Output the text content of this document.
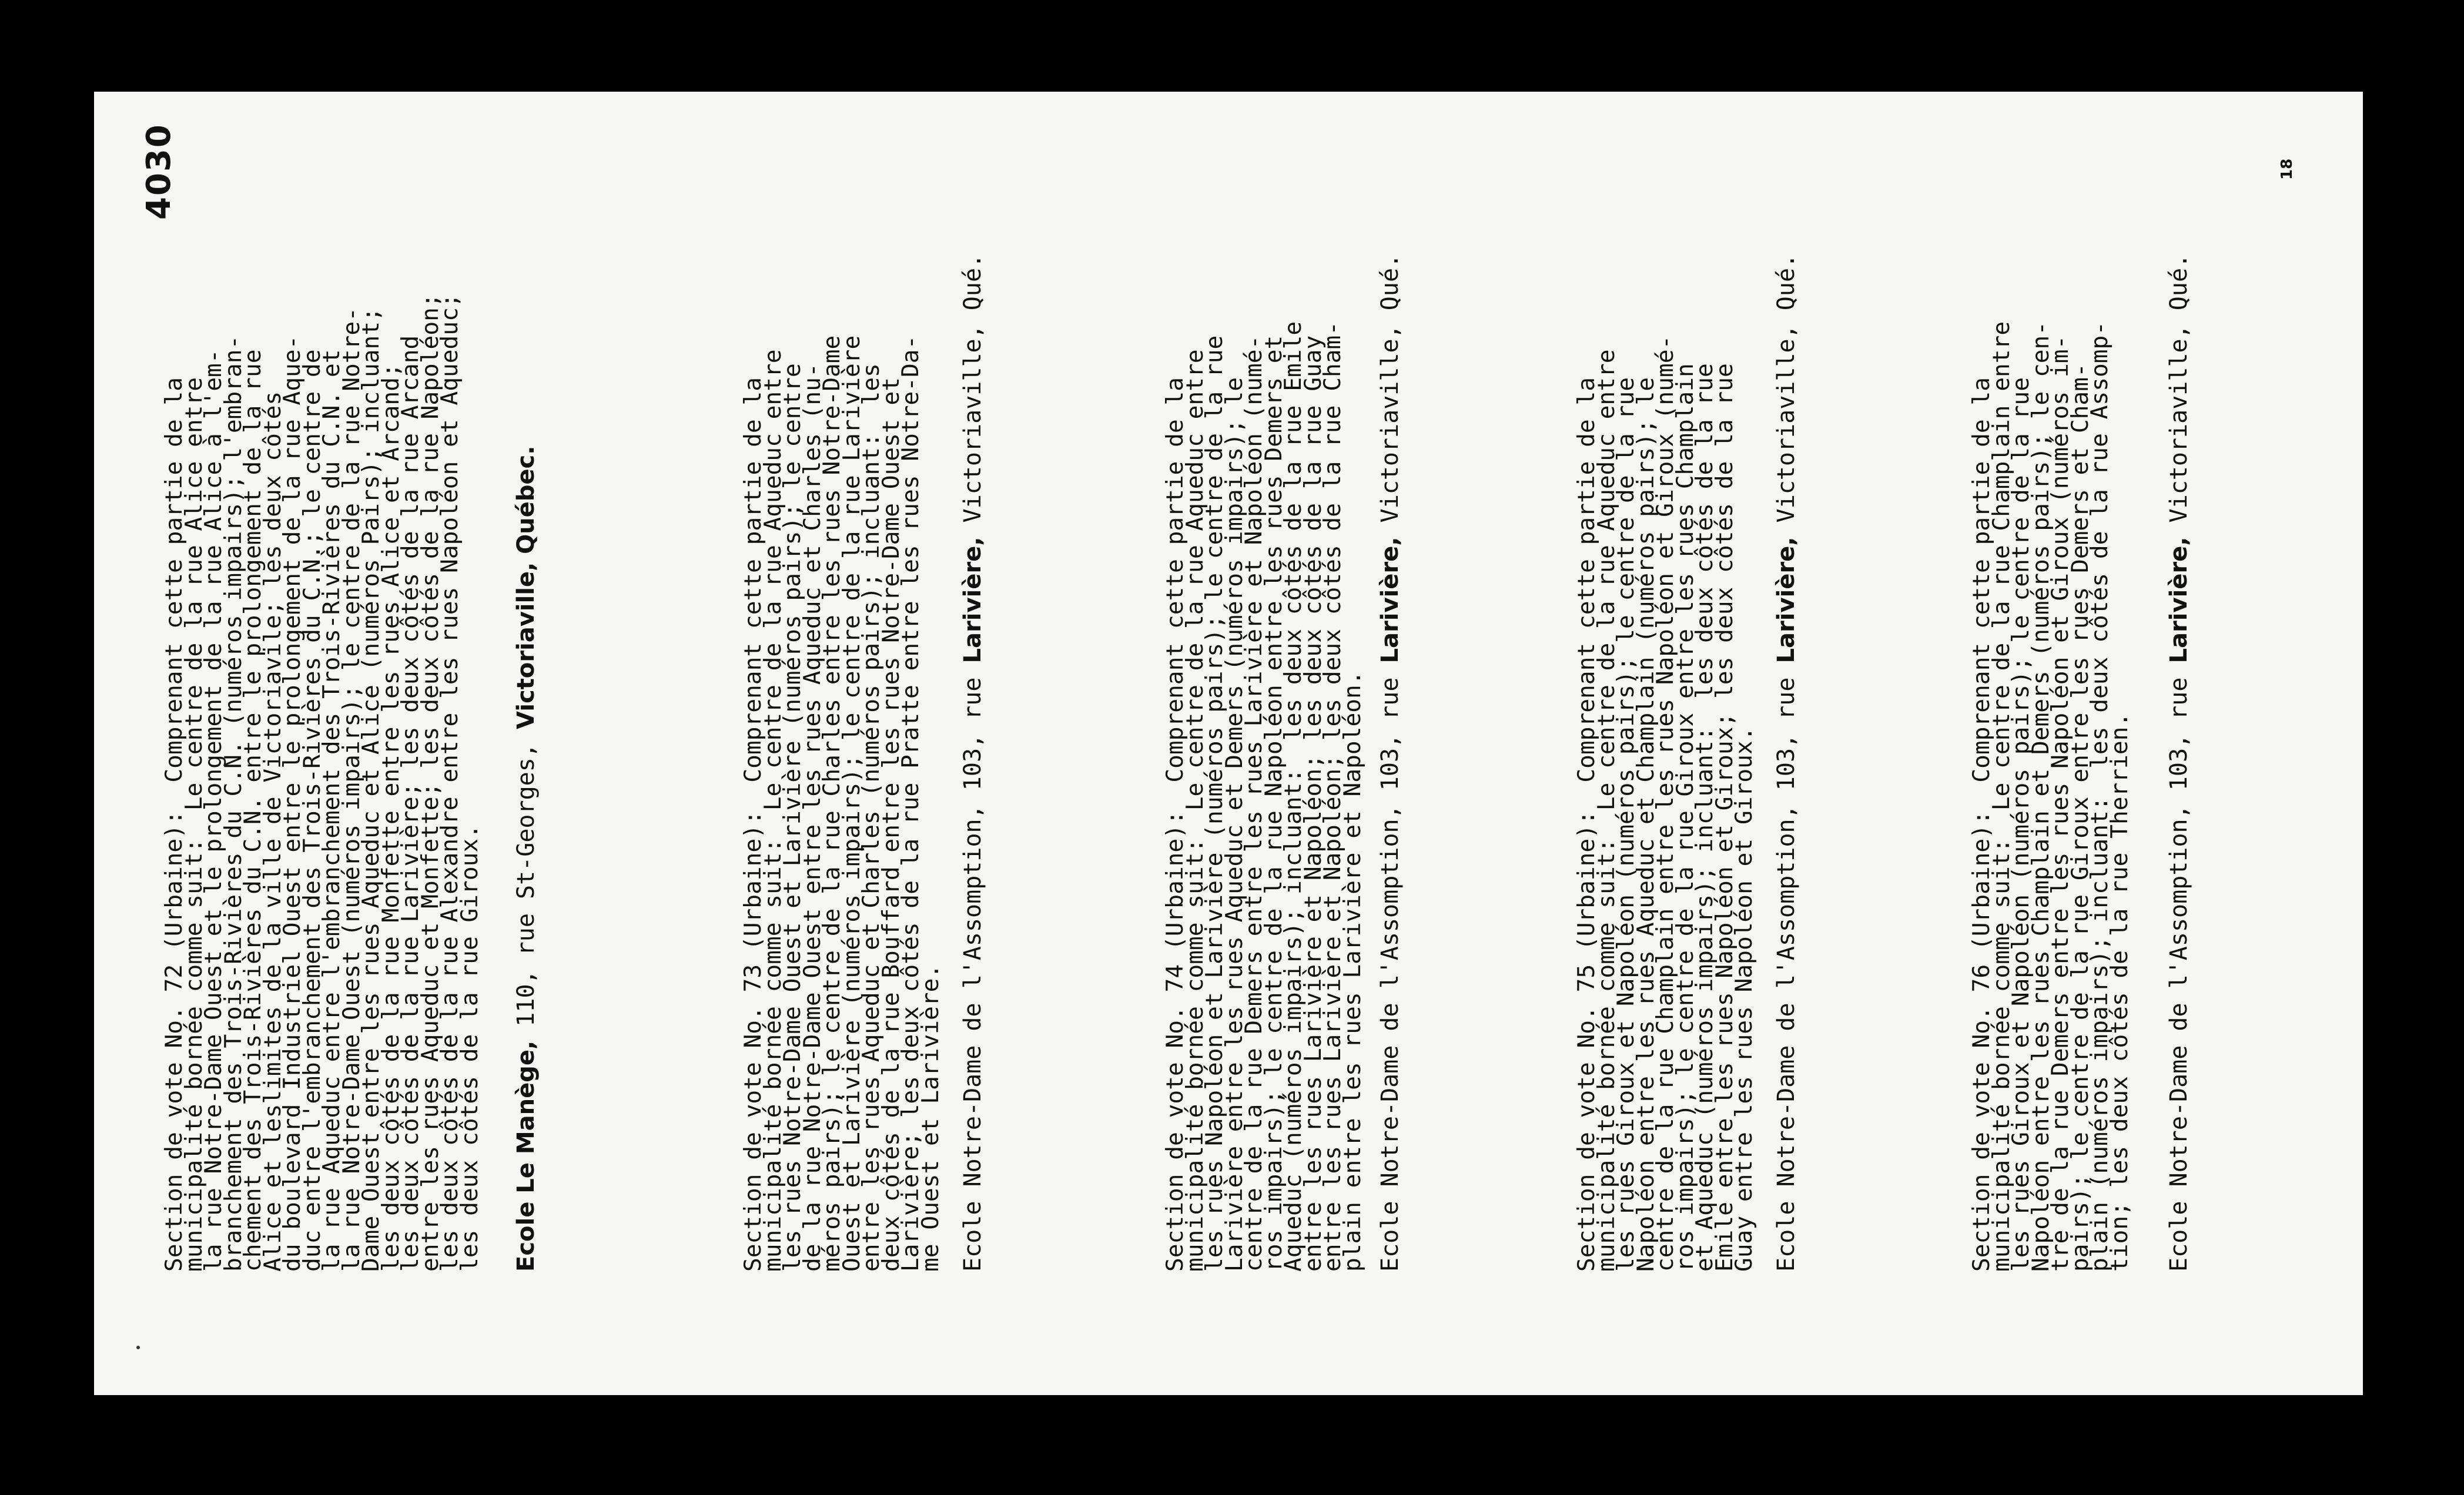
4030
Section de vote No. 72 (Urbaine):  Comprenant cette partie de la
municipalité bornée comme suit:  Le centre de la rue Alice entre
la rue Notre-Dame Ouest et le prolongement de la rue Alice à l'em-
branchement des Trois-Rivières du C.N. (numéros impairs); l'embran-
chement des Trois-Rivières du C.N. entre le prolongement de la rue
Alice et leslimites de la ville de Victoriavile; les deux côtés
du boulevard Industriel Ouest entre le prolongement de la rue Aque-
duc entre l'embranchement des Trois-Rivières du C.N.; le centre de
la rue Aqueduc entre l'embranchement des Trois-Rivières du C.N. et
la rue Notre-Dame Ouest (numéros impairs); le centre de la rue Notre-
Dame Ouest entre les rues Aqueduc et Alice (numéros Pairs); incluant;
les deux côtés de la rue Monfette entre les rues Alice et Arcand;
les deux côtés de la rue Larivière; les deux côtés de la rue Arcand
entre les rues Aqueduc et Monfette; les deux côtés de la rue Napoléon;
les deux côtés de la rue Alexandre entre les rues Napoléon et Aqueduc;
les deux côtés de la rue Giroux.
Ecole Le Manège, 110, rue St-Georges, Victoriaville, Québec.
Section de vote No. 73 (Urbaine):  Comprenant cette partie de la
municipalité bornée comme suit:  Le centre de la rue Aqueduc entre
les rues Notre-Dame Ouest et Larivière (numéros pairs); le centre
de la rue Notre-Dame Ouest entre les rues Aqueduc et Charles (nu-
méros pairs); le centre de la rue Charles entre les rues Notre-Dame
Ouest et Larivière (numéros impairs); le centre de la rue Larivière
entre les rues Aqueduc et Charles (numéros pairs); incluant:  les
deux côtés de la rue Bouffard entre les rues Notre-Dame Ouest et
Larivière; les deux côtés de la rue Pratte entre les rues Notre-Da-
me Ouest et Larivière. Ecole Notre-Dame de l'Assomption, 103, rue Larivière, Victoriaville, Qué.
Section de vote No. 74 (Urbaine):  Comprenant cette partie de la
municipalité bornée comme suit:  Le centre de la rue Aqueduc entre
les rues Napoléon et Larivière (numéros pairs); le centre de la rue
Larivière entre les rues Aqueduc et Demers (numéros impairs); le
centre de la rue Demers entre les rues Larivière et Napoléon (numé-
ros impairs); le centre de la rue Napoléon entre les rues Demers et
Aqueduc (numéros impairs); incluant:  les deux côtés de la rue Emile
entre les rues Larivière et Napoléon; les deux côtés de la rue Guay
entre les rues Larivière et Napoléon; les deux côtés de la rue Cham-
plain entre les rues Larivière et Napoléon.
Ecole Notre-Dame de l'Assomption, 103, rue Larivière, Victoriaville, Qué.
Section de vote No. 75 (Urbaine):  Comprenant cette partie de la
municipalité bornée comme suit:  Le centre de la rue Aqueduc entre
les rues Giroux et Napoléon (numéros pairs); le centre de la rue
Napoléon entre les rues Aqueduc et Champlain (numéros pairs); le
centre de la rue Champlain entre les rues Napoléon et Giroux (numé-
ros impairs); le centre de la rue Giroux entre les rues Champlain
et Aqueduc (numéros impairs); incluant:  les deux côtés de la rue
Emile entre les rues Napoléon et Giroux; les deux côtés de la rue
Guay entre les rues Napoléon et Giroux.
Ecole Notre-Dame de l'Assomption, 103, rue Larivière, Victoriaville, Qué.
Section de vote No. 76 (Urbaine):  Comprenant cette partie de la
municipalité bornée comme suit:  Le centre de la rue Champlain entre
les rues Giroux et Napoléon (numéros pairs); le centre de la rue
Napoléon entre les rues Champlain et Demers (numéros pairs); le cen-
tre de la rue Demers entre les rues Napoléon et Giroux (numéros im-
pairs); le centre de la rue Giroux entre les rues Demers et Cham-
plain (numéros impairs); incluant:  les deux côtés de la rue Assomp-
tion; les deux côtés de la rue Therrien.
Ecole Notre-Dame de l'Assomption, 103, rue Larivière, Victoriaville, Qué.
18
